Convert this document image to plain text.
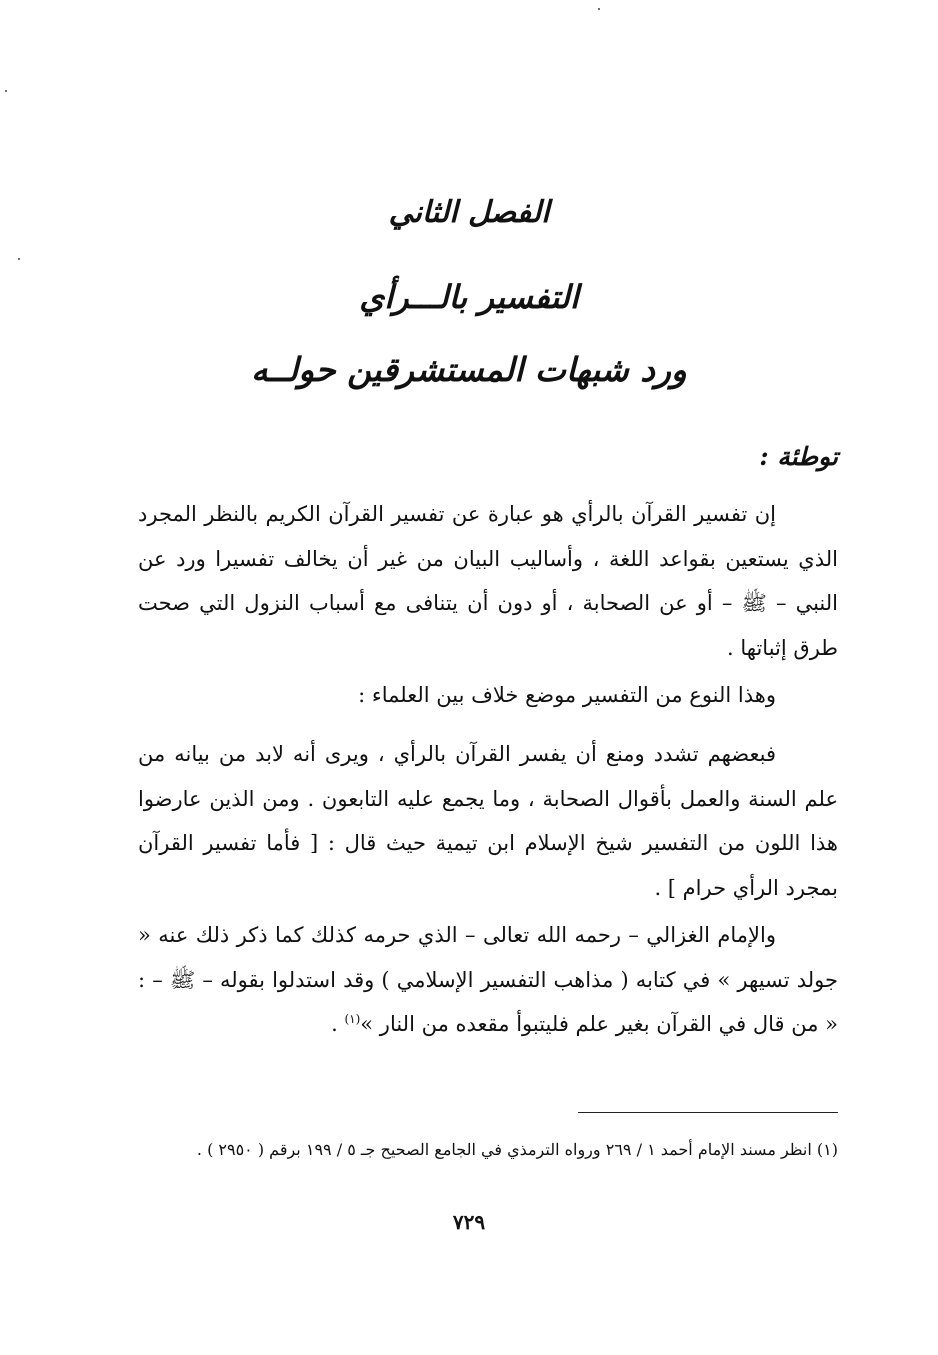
الفصل الثاني
التفسير بالـــرأي
ورد شبهات المستشرقين حولــه
توطئة :
إن تفسير القرآن بالرأي هو عبارة عن تفسير القرآن الكريم بالنظر المجرد الذي يستعين بقواعد اللغة ، وأساليب البيان من غير أن يخالف تفسيرا ورد عن النبي – ﷺ – أو عن الصحابة ، أو دون أن يتنافى مع أسباب النزول التي صحت طرق إثباتها .
وهذا النوع من التفسير موضع خلاف بين العلماء :
فبعضهم تشدد ومنع أن يفسر القرآن بالرأي ، ويرى أنه لابد من بيانه من علم السنة والعمل بأقوال الصحابة ، وما يجمع عليه التابعون . ومن الذين عارضوا هذا اللون من التفسير شيخ الإسلام ابن تيمية حيث قال : [ فأما تفسير القرآن بمجرد الرأي حرام ] .
والإمام الغزالي – رحمه الله تعالى – الذي حرمه كذلك كما ذكر ذلك عنه « جولد تسيهر » في كتابه ( مذاهب التفسير الإسلامي ) وقد استدلوا بقوله – ﷺ – : « من قال في القرآن بغير علم فليتبوأ مقعده من النار »$^{(١)}$ .
(١) انظر مسند الإمام أحمد ١ / ٢٦٩ ورواه الترمذي في الجامع الصحيح جـ ٥ / ١٩٩ برقم ( ٢٩٥٠ ) .
٧٢٩
